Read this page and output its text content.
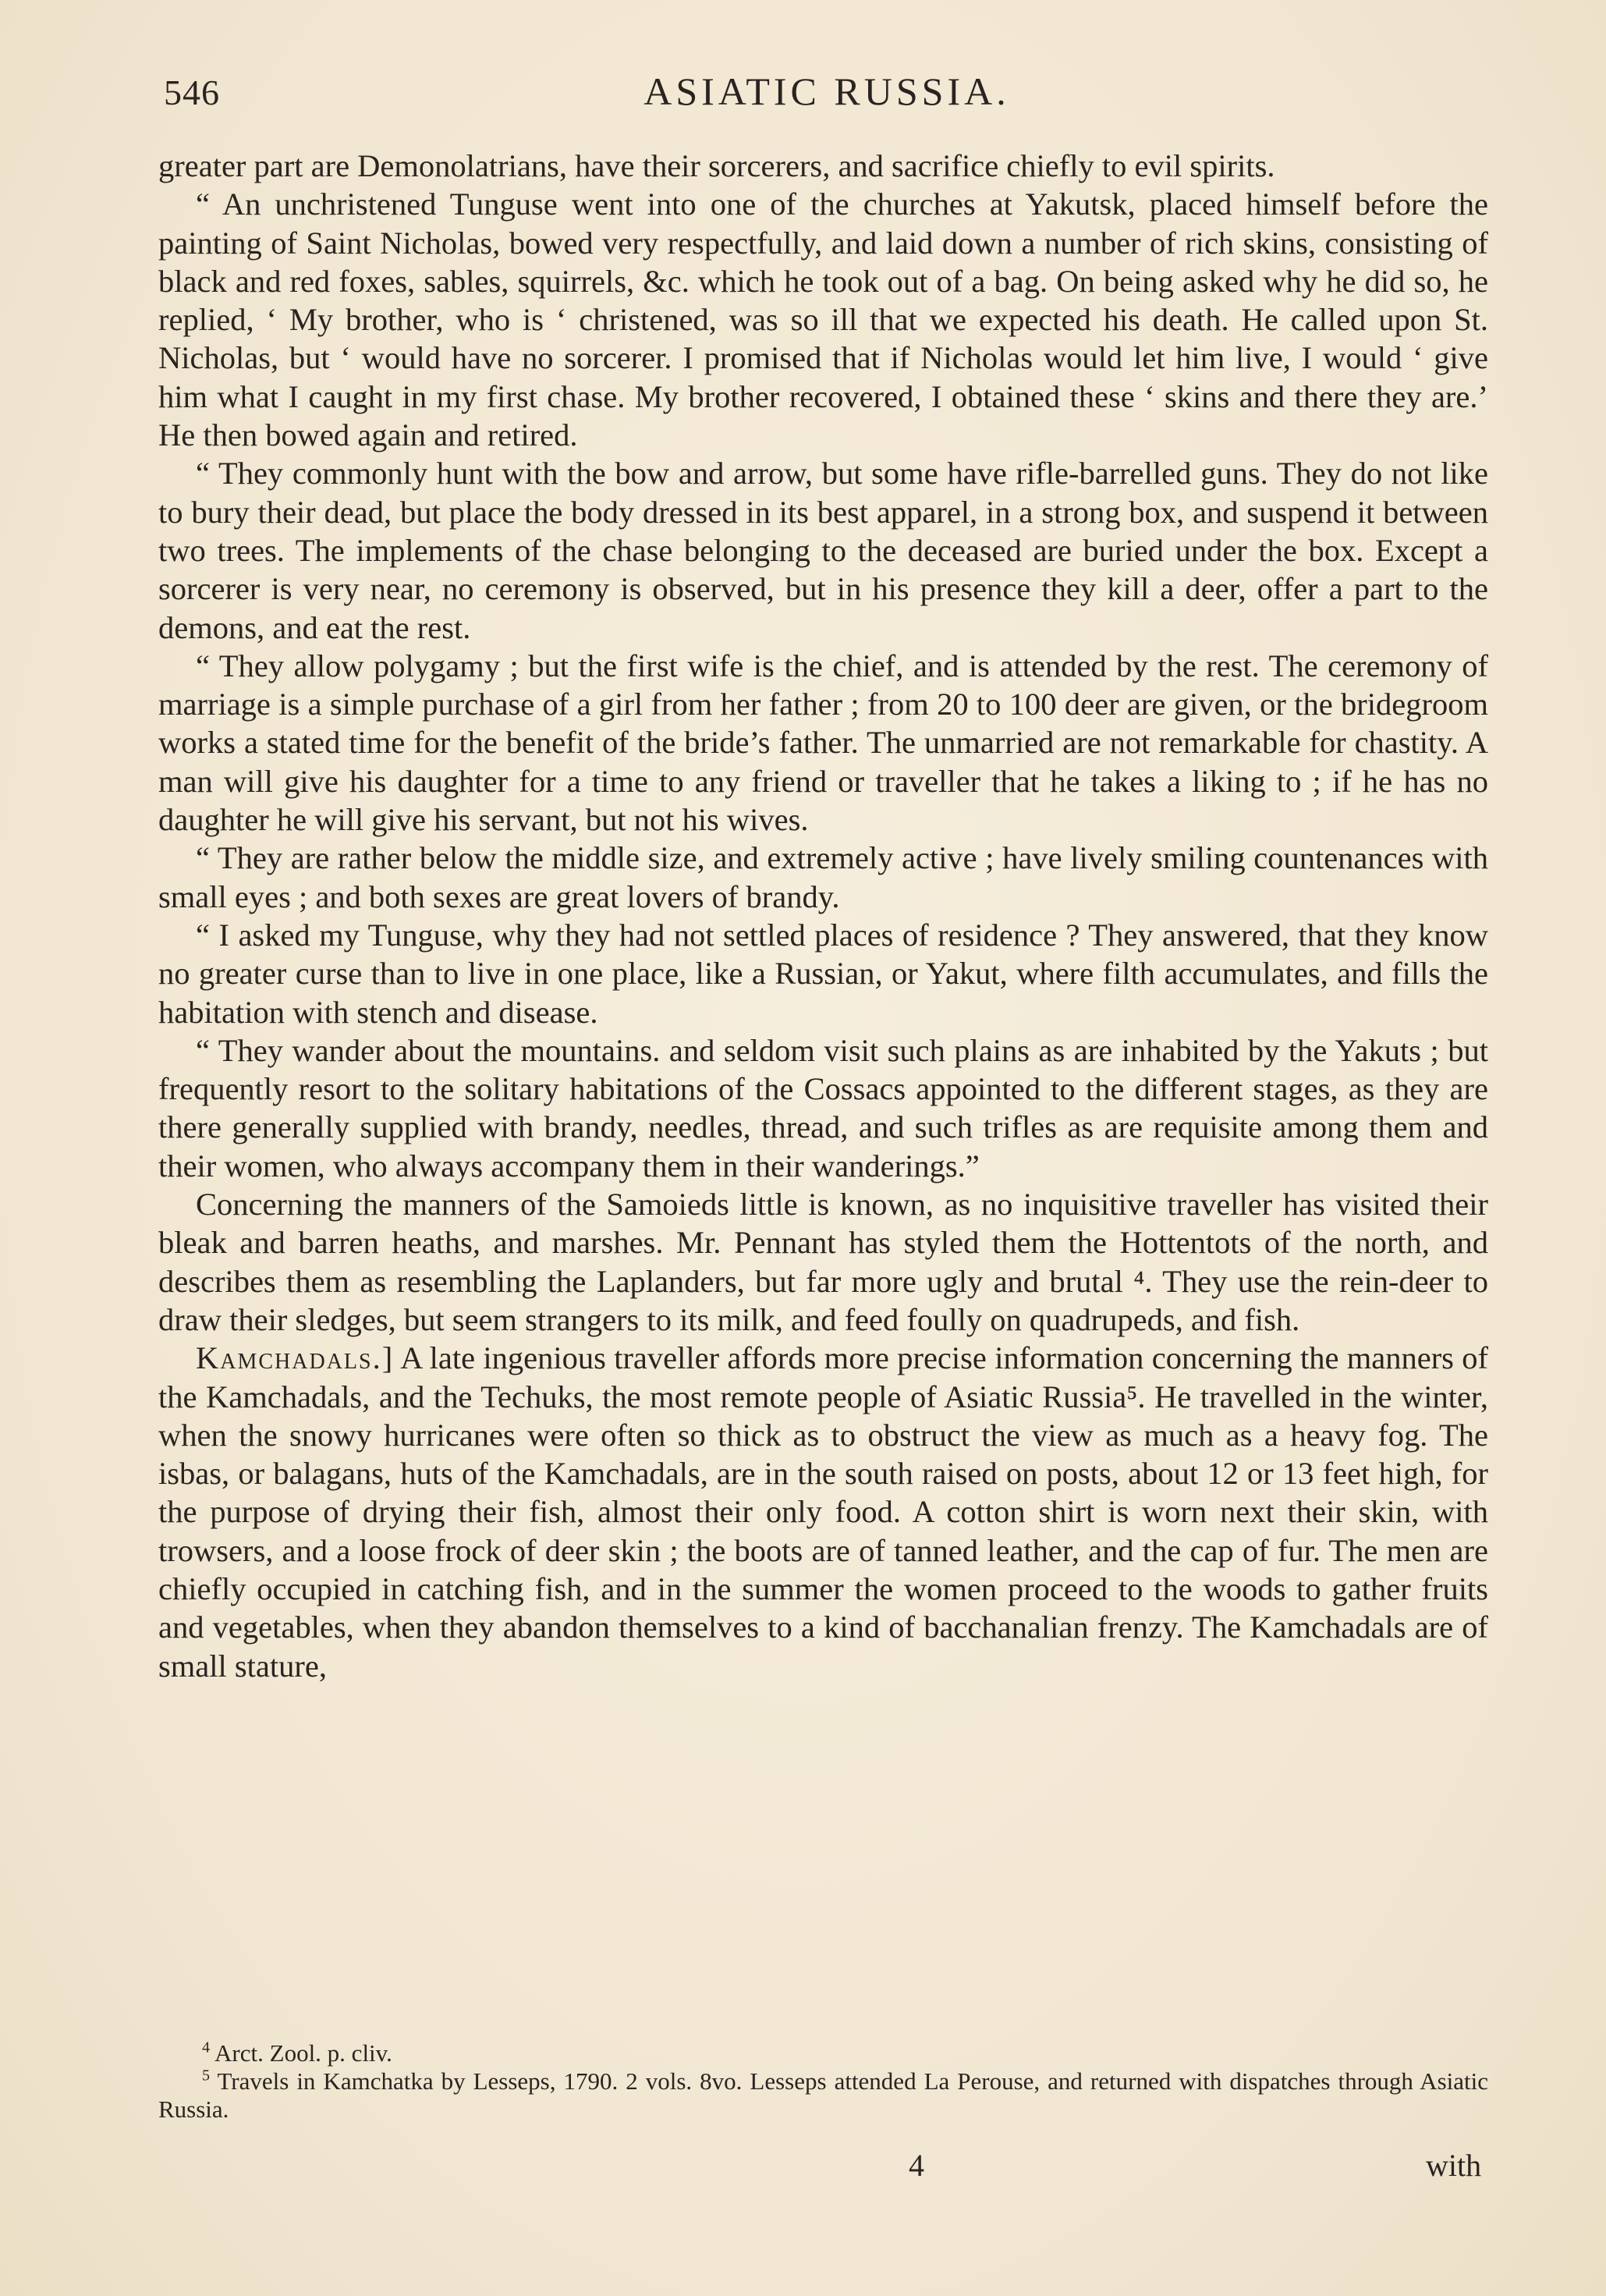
546	ASIATIC RUSSIA.

greater part are Demonolatrians, have their sorcerers, and sacrifice chiefly to evil spirits.

“ An unchristened Tunguse went into one of the churches at Yakutsk, placed himself before the painting of Saint Nicholas, bowed very respectfully, and laid down a number of rich skins, consisting of black and red foxes, sables, squirrels, &c. which he took out of a bag. On being asked why he did so, he replied, ‘ My brother, who is ‘ christened, was so ill that we expected his death. He called upon St. Nicholas, but ‘ would have no sorcerer. I promised that if Nicholas would let him live, I would ‘ give him what I caught in my first chase. My brother recovered, I obtained these ‘ skins and there they are.’ He then bowed again and retired.

“ They commonly hunt with the bow and arrow, but some have rifle-barrelled guns. They do not like to bury their dead, but place the body dressed in its best apparel, in a strong box, and suspend it between two trees. The implements of the chase belonging to the deceased are buried under the box. Except a sorcerer is very near, no ceremony is observed, but in his presence they kill a deer, offer a part to the demons, and eat the rest.

“ They allow polygamy ; but the first wife is the chief, and is attended by the rest. The ceremony of marriage is a simple purchase of a girl from her father ; from 20 to 100 deer are given, or the bridegroom works a stated time for the benefit of the bride’s father. The unmarried are not remarkable for chastity. A man will give his daughter for a time to any friend or traveller that he takes a liking to ; if he has no daughter he will give his servant, but not his wives.

“ They are rather below the middle size, and extremely active ; have lively smiling countenances with small eyes ; and both sexes are great lovers of brandy.

“ I asked my Tunguse, why they had not settled places of residence ? They answered, that they know no greater curse than to live in one place, like a Russian, or Yakut, where filth accumulates, and fills the habitation with stench and disease.

“ They wander about the mountains. and seldom visit such plains as are inhabited by the Yakuts ; but frequently resort to the solitary habitations of the Cossacs appointed to the different stages, as they are there generally supplied with brandy, needles, thread, and such trifles as are requisite among them and their women, who always accompany them in their wanderings.”

Concerning the manners of the Samoieds little is known, as no inquisitive traveller has visited their bleak and barren heaths, and marshes. Mr. Pennant has styled them the Hottentots of the north, and describes them as resembling the Laplanders, but far more ugly and brutal ⁴. They use the rein-deer to draw their sledges, but seem strangers to its milk, and feed foully on quadrupeds, and fish.

Kamchadals.] A late ingenious traveller affords more precise information concerning the manners of the Kamchadals, and the Techuks, the most remote people of Asiatic Russia⁵. He travelled in the winter, when the snowy hurricanes were often so thick as to obstruct the view as much as a heavy fog. The isbas, or balagans, huts of the Kamchadals, are in the south raised on posts, about 12 or 13 feet high, for the purpose of drying their fish, almost their only food. A cotton shirt is worn next their skin, with trowsers, and a loose frock of deer skin ; the boots are of tanned leather, and the cap of fur. The men are chiefly occupied in catching fish, and in the summer the women proceed to the woods to gather fruits and vegetables, when they abandon themselves to a kind of bacchanalian frenzy. The Kamchadals are of small stature,

$^4$ Arct. Zool. p. cliv.

$^5$ Travels in Kamchatka by Lesseps, 1790. 2 vols. 8vo. Lesseps attended La Perouse, and returned with dispatches through Asiatic Russia.

4	with
